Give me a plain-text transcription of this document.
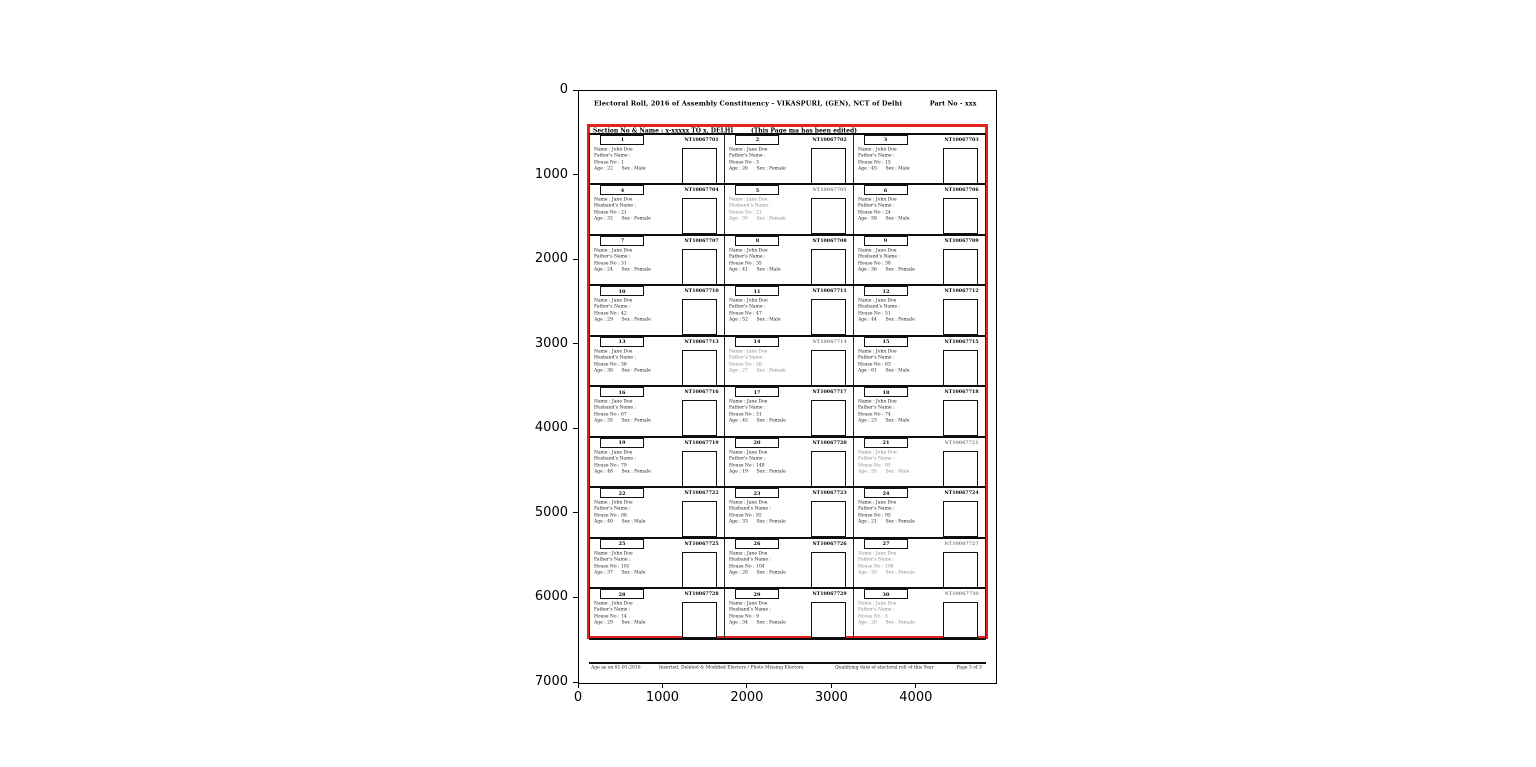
Electoral Roll, 2016 of Assembly Constituency - VIKASPURI, (GEN), NCT of Delhi Part No - xxx
Section No & Name : x-xxxxx TO x, DELHI (This Page ma has been edited)
1	NT10067701
Name : John Doe
Father's Name :
House No : 1
Age : 22      Sex : Male
2	NT10067702
Name : Jane Doe
Father's Name :
House No : 3
Age : 26      Sex : Female
3	NT10067703
Name : John Doe
Father's Name :
House No : 15
Age : 45      Sex : Male
4	NT10067704
Name : Jane Doe
Husband's Name :
House No : 21
Age : 32      Sex : Female
5	NT10067705
Name : Jane Doe
Husband's Name :
House No : 21
Age : 30      Sex : Female
6	NT10067706
Name : John Doe
Father's Name :
House No : 24
Age : 58      Sex : Male
7	NT10067707
Name : Jane Doe
Father's Name :
House No : 31
Age : 24      Sex : Female
8	NT10067708
Name : John Doe
Father's Name :
House No : 35
Age : 41      Sex : Male
9	NT10067709
Name : Jane Doe
Husband's Name :
House No : 38
Age : 36      Sex : Female
10	NT10067710
Name : Jane Doe
Father's Name :
House No : 42
Age : 29      Sex : Female
11	NT10067711
Name : John Doe
Father's Name :
House No : 47
Age : 52      Sex : Male
12	NT10067712
Name : Jane Doe
Husband's Name :
House No : 51
Age : 44      Sex : Female
13	NT10067713
Name : Jane Doe
Husband's Name :
House No : 56
Age : 38      Sex : Female
14	NT10067714
Name : Jane Doe
Father's Name :
House No : 58
Age : 27      Sex : Female
15	NT10067715
Name : John Doe
Father's Name :
House No : 63
Age : 61      Sex : Male
16	NT10067716
Name : Jane Doe
Husband's Name :
House No : 67
Age : 35      Sex : Female
17	NT10067717
Name : Jane Doe
Father's Name :
House No : 31
Age : 45      Sex : Female
18	NT10067718
Name : John Doe
Father's Name :
House No : 74
Age : 23      Sex : Male
19	NT10067719
Name : Jane Doe
Husband's Name :
House No : 79
Age : 48      Sex : Female
20	NT10067720
Name : Jane Doe
Father's Name :
House No : 149
Age : 19      Sex : Female
21	NT10067721
Name : John Doe
Father's Name :
House No : 85
Age : 55      Sex : Male
22	NT10067722
Name : John Doe
Father's Name :
House No : 88
Age : 40      Sex : Male
23	NT10067723
Name : Jane Doe
Husband's Name :
House No : 92
Age : 33      Sex : Female
24	NT10067724
Name : Jane Doe
Father's Name :
House No : 95
Age : 21      Sex : Female
25	NT10067725
Name : John Doe
Father's Name :
House No : 101
Age : 37      Sex : Male
26	NT10067726
Name : Jane Doe
Husband's Name :
House No : 104
Age : 28      Sex : Female
27	NT10067727
Name : Jane Doe
Father's Name :
House No : 108
Age : 50      Sex : Female
28	NT10067728
Name : John Doe
Father's Name :
House No : 14
Age : 29      Sex : Male
29	NT10067729
Name : Jane Doe
Husband's Name :
House No : 9
Age : 34      Sex : Female
30	NT10067730
Name : Jane Doe
Father's Name :
House No : 6
Age : 26      Sex : Female
Age as on 01-01-2016 Inserted, Deleted & Modified Electors / Photo Missing Electors	Qualifying date of electoral roll of this Year	Page 3 of 3
0
1000
2000
3000
4000
5000
6000
7000
0	1000	2000	3000	4000
